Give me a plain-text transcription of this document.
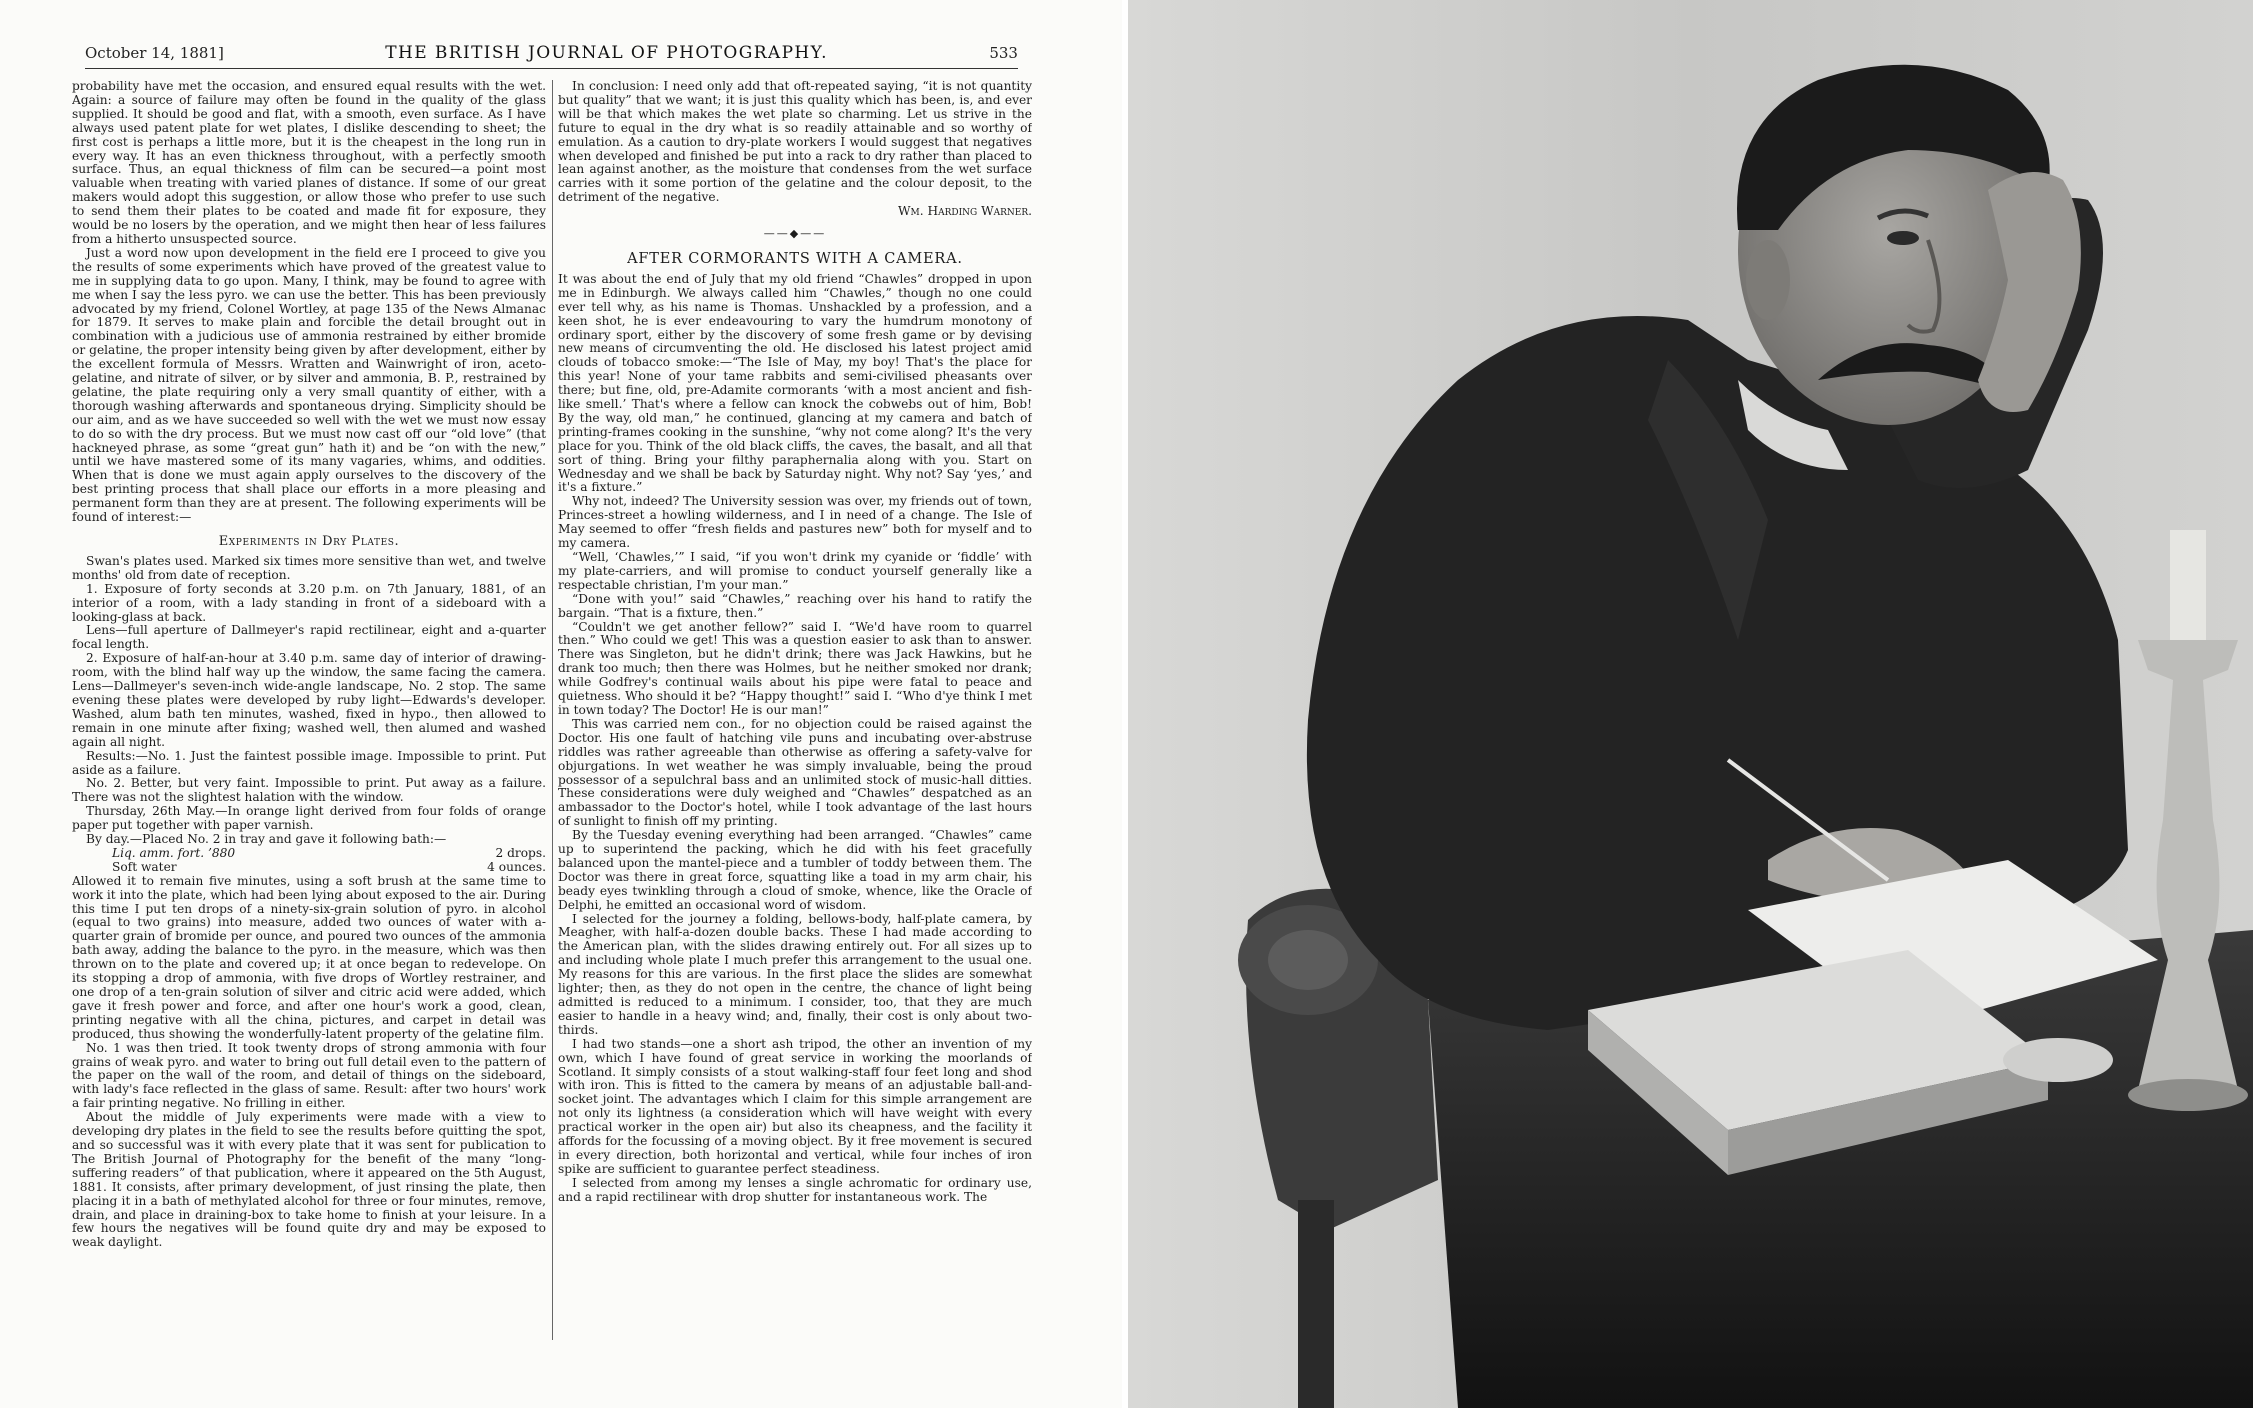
October 14, 1881]	THE BRITISH JOURNAL OF PHOTOGRAPHY.	533

probability have met the occasion, and ensured equal results with the wet. Again: a source of failure may often be found in the quality of the glass supplied. It should be good and flat, with a smooth, even surface. As I have always used patent plate for wet plates, I dislike descending to sheet; the first cost is perhaps a little more, but it is the cheapest in the long run in every way. It has an even thickness throughout, with a perfectly smooth surface. Thus, an equal thickness of film can be secured—a point most valuable when treating with varied planes of distance. If some of our great makers would adopt this suggestion, or allow those who prefer to use such to send them their plates to be coated and made fit for exposure, they would be no losers by the operation, and we might then hear of less failures from a hitherto unsuspected source.

Just a word now upon development in the field ere I proceed to give you the results of some experiments which have proved of the greatest value to me in supplying data to go upon. Many, I think, may be found to agree with me when I say the less pyro. we can use the better. This has been previously advocated by my friend, Colonel Wortley, at page 135 of the News Almanac for 1879. It serves to make plain and forcible the detail brought out in combination with a judicious use of ammonia restrained by either bromide or gelatine, the proper intensity being given by after development, either by the excellent formula of Messrs. Wratten and Wainwright of iron, aceto-gelatine, and nitrate of silver, or by silver and ammonia, B. P., restrained by gelatine, the plate requiring only a very small quantity of either, with a thorough washing afterwards and spontaneous drying. Simplicity should be our aim, and as we have succeeded so well with the wet we must now essay to do so with the dry process. But we must now cast off our “old love” (that hackneyed phrase, as some “great gun” hath it) and be “on with the new,” until we have mastered some of its many vagaries, whims, and oddities. When that is done we must again apply ourselves to the discovery of the best printing process that shall place our efforts in a more pleasing and permanent form than they are at present. The following experiments will be found of interest:—

Experiments in Dry Plates.

Swan's plates used. Marked six times more sensitive than wet, and twelve months' old from date of reception.

1. Exposure of forty seconds at 3.20 p.m. on 7th January, 1881, of an interior of a room, with a lady standing in front of a sideboard with a looking-glass at back.

Lens—full aperture of Dallmeyer's rapid rectilinear, eight and a-quarter focal length.

2. Exposure of half-an-hour at 3.40 p.m. same day of interior of drawing-room, with the blind half way up the window, the same facing the camera. Lens—Dallmeyer's seven-inch wide-angle landscape, No. 2 stop. The same evening these plates were developed by ruby light—Edwards's developer. Washed, alum bath ten minutes, washed, fixed in hypo., then allowed to remain in one minute after fixing; washed well, then alumed and washed again all night.

Results:—No. 1. Just the faintest possible image. Impossible to print. Put aside as a failure.

No. 2. Better, but very faint. Impossible to print. Put away as a failure. There was not the slightest halation with the window.

Thursday, 26th May.—In orange light derived from four folds of orange paper put together with paper varnish.

By day.—Placed No. 2 in tray and gave it following bath:—

Liq. amm. fort. ’880	2 drops.
Soft water	4 ounces.

Allowed it to remain five minutes, using a soft brush at the same time to work it into the plate, which had been lying about exposed to the air. During this time I put ten drops of a ninety-six-grain solution of pyro. in alcohol (equal to two grains) into measure, added two ounces of water with a-quarter grain of bromide per ounce, and poured two ounces of the ammonia bath away, adding the balance to the pyro. in the measure, which was then thrown on to the plate and covered up; it at once began to redevelope. On its stopping a drop of ammonia, with five drops of Wortley restrainer, and one drop of a ten-grain solution of silver and citric acid were added, which gave it fresh power and force, and after one hour's work a good, clean, printing negative with all the china, pictures, and carpet in detail was produced, thus showing the wonderfully-latent property of the gelatine film.

No. 1 was then tried. It took twenty drops of strong ammonia with four grains of weak pyro. and water to bring out full detail even to the pattern of the paper on the wall of the room, and detail of things on the sideboard, with lady's face reflected in the glass of same. Result: after two hours' work a fair printing negative. No frilling in either.

About the middle of July experiments were made with a view to developing dry plates in the field to see the results before quitting the spot, and so successful was it with every plate that it was sent for publication to The British Journal of Photography for the benefit of the many “long-suffering readers” of that publication, where it appeared on the 5th August, 1881. It consists, after primary development, of just rinsing the plate, then placing it in a bath of methylated alcohol for three or four minutes, remove, drain, and place in draining-box to take home to finish at your leisure. In a few hours the negatives will be found quite dry and may be exposed to weak daylight.

In conclusion: I need only add that oft-repeated saying, “it is not quantity but quality” that we want; it is just this quality which has been, is, and ever will be that which makes the wet plate so charming. Let us strive in the future to equal in the dry what is so readily attainable and so worthy of emulation. As a caution to dry-plate workers I would suggest that negatives when developed and finished be put into a rack to dry rather than placed to lean against another, as the moisture that condenses from the wet surface carries with it some portion of the gelatine and the colour deposit, to the detriment of the negative.

Wm. Harding Warner.

——◆——
AFTER CORMORANTS WITH A CAMERA.

It was about the end of July that my old friend “Chawles” dropped in upon me in Edinburgh. We always called him “Chawles,” though no one could ever tell why, as his name is Thomas. Unshackled by a profession, and a keen shot, he is ever endeavouring to vary the humdrum monotony of ordinary sport, either by the discovery of some fresh game or by devising new means of circumventing the old. He disclosed his latest project amid clouds of tobacco smoke:—“The Isle of May, my boy! That's the place for this year! None of your tame rabbits and semi-civilised pheasants over there; but fine, old, pre-Adamite cormorants ‘with a most ancient and fish-like smell.’ That's where a fellow can knock the cobwebs out of him, Bob! By the way, old man,” he continued, glancing at my camera and batch of printing-frames cooking in the sunshine, “why not come along? It's the very place for you. Think of the old black cliffs, the caves, the basalt, and all that sort of thing. Bring your filthy paraphernalia along with you. Start on Wednesday and we shall be back by Saturday night. Why not? Say ‘yes,’ and it's a fixture.”

Why not, indeed? The University session was over, my friends out of town, Princes-street a howling wilderness, and I in need of a change. The Isle of May seemed to offer “fresh fields and pastures new” both for myself and to my camera.

“Well, ‘Chawles,’” I said, “if you won't drink my cyanide or ‘fiddle’ with my plate-carriers, and will promise to conduct yourself generally like a respectable christian, I'm your man.”

“Done with you!” said “Chawles,” reaching over his hand to ratify the bargain. “That is a fixture, then.”

“Couldn't we get another fellow?” said I. “We'd have room to quarrel then.” Who could we get! This was a question easier to ask than to answer. There was Singleton, but he didn't drink; there was Jack Hawkins, but he drank too much; then there was Holmes, but he neither smoked nor drank; while Godfrey's continual wails about his pipe were fatal to peace and quietness. Who should it be? “Happy thought!” said I. “Who d'ye think I met in town today? The Doctor! He is our man!”

This was carried nem con., for no objection could be raised against the Doctor. His one fault of hatching vile puns and incubating over-abstruse riddles was rather agreeable than otherwise as offering a safety-valve for objurgations. In wet weather he was simply invaluable, being the proud possessor of a sepulchral bass and an unlimited stock of music-hall ditties. These considerations were duly weighed and “Chawles” despatched as an ambassador to the Doctor's hotel, while I took advantage of the last hours of sunlight to finish off my printing.

By the Tuesday evening everything had been arranged. “Chawles” came up to superintend the packing, which he did with his feet gracefully balanced upon the mantel-piece and a tumbler of toddy between them. The Doctor was there in great force, squatting like a toad in my arm chair, his beady eyes twinkling through a cloud of smoke, whence, like the Oracle of Delphi, he emitted an occasional word of wisdom.

I selected for the journey a folding, bellows-body, half-plate camera, by Meagher, with half-a-dozen double backs. These I had made according to the American plan, with the slides drawing entirely out. For all sizes up to and including whole plate I much prefer this arrangement to the usual one. My reasons for this are various. In the first place the slides are somewhat lighter; then, as they do not open in the centre, the chance of light being admitted is reduced to a minimum. I consider, too, that they are much easier to handle in a heavy wind; and, finally, their cost is only about two-thirds.

I had two stands—one a short ash tripod, the other an invention of my own, which I have found of great service in working the moorlands of Scotland. It simply consists of a stout walking-staff four feet long and shod with iron. This is fitted to the camera by means of an adjustable ball-and-socket joint. The advantages which I claim for this simple arrangement are not only its lightness (a consideration which will have weight with every practical worker in the open air) but also its cheapness, and the facility it affords for the focussing of a moving object. By it free movement is secured in every direction, both horizontal and vertical, while four inches of iron spike are sufficient to guarantee perfect steadiness.

I selected from among my lenses a single achromatic for ordinary use, and a rapid rectilinear with drop shutter for instantaneous work. The
